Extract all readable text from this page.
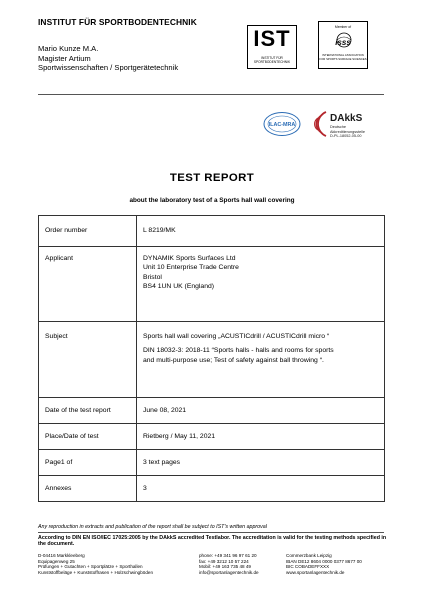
INSTITUT FÜR SPORTBODENTECHNIK
Mario Kunze M.A.
Magister Artium
Sportwissenschaften / Sportgerätetechnik
IST
INSTITUT FÜR
SPORTBODENTECHNIK
Member of
isss
INTERNATIONAL ASSOCIATION
FOR SPORTS SURFACE SCIENCES
ILAC-MRA
DAkkS
Deutsche
Akkreditierungsstelle
D-PL-18052-05-00
TEST REPORT
about the laboratory test of a Sports hall wall covering
Order number	L 8219/MK

Applicant	DYNAMIK Sports Surfaces Ltd
Unit 10 Enterprise Trade Centre
Bristol
BS4 1UN UK (England)

Subject	Sports hall wall covering „ACUSTICdrill / ACUSTICdrill micro “
DIN 18032-3: 2018-11 “Sports halls - halls and rooms for sports
and multi-purpose use; Test of safety against ball throwing “.

Date of the test report	June 08, 2021

Place/Date of test	Rietberg / May 11, 2021

Page1 of	3 text pages

Annexes	3
Any reproduction in extracts and publication of the report shall be subject to IST's written approval
According to DIN EN ISO/IEC 17025:2005 by the DAkkS accredited Testlabor. The accreditation is valid for the testing methods specified in the document.
D-04416 Markkleeberg
Equipagenweg 25
Prüfungen + Gutachten + Sportplätze + Sporthallen
Kunststoffbeläge + Kunststoffrasen + Holzschwingböden
phone: +49 341 96 97 61 20
fax: +49 3212 10 57 224
Mobil: +49 163 735 48 49
info@sportanlagentechnik.de
Commerzbank Leipzig
IBAN DE12 8604 0000 0377 8677 00
BIC COBADEFFXXX
www.sportanlagentechnik.de
